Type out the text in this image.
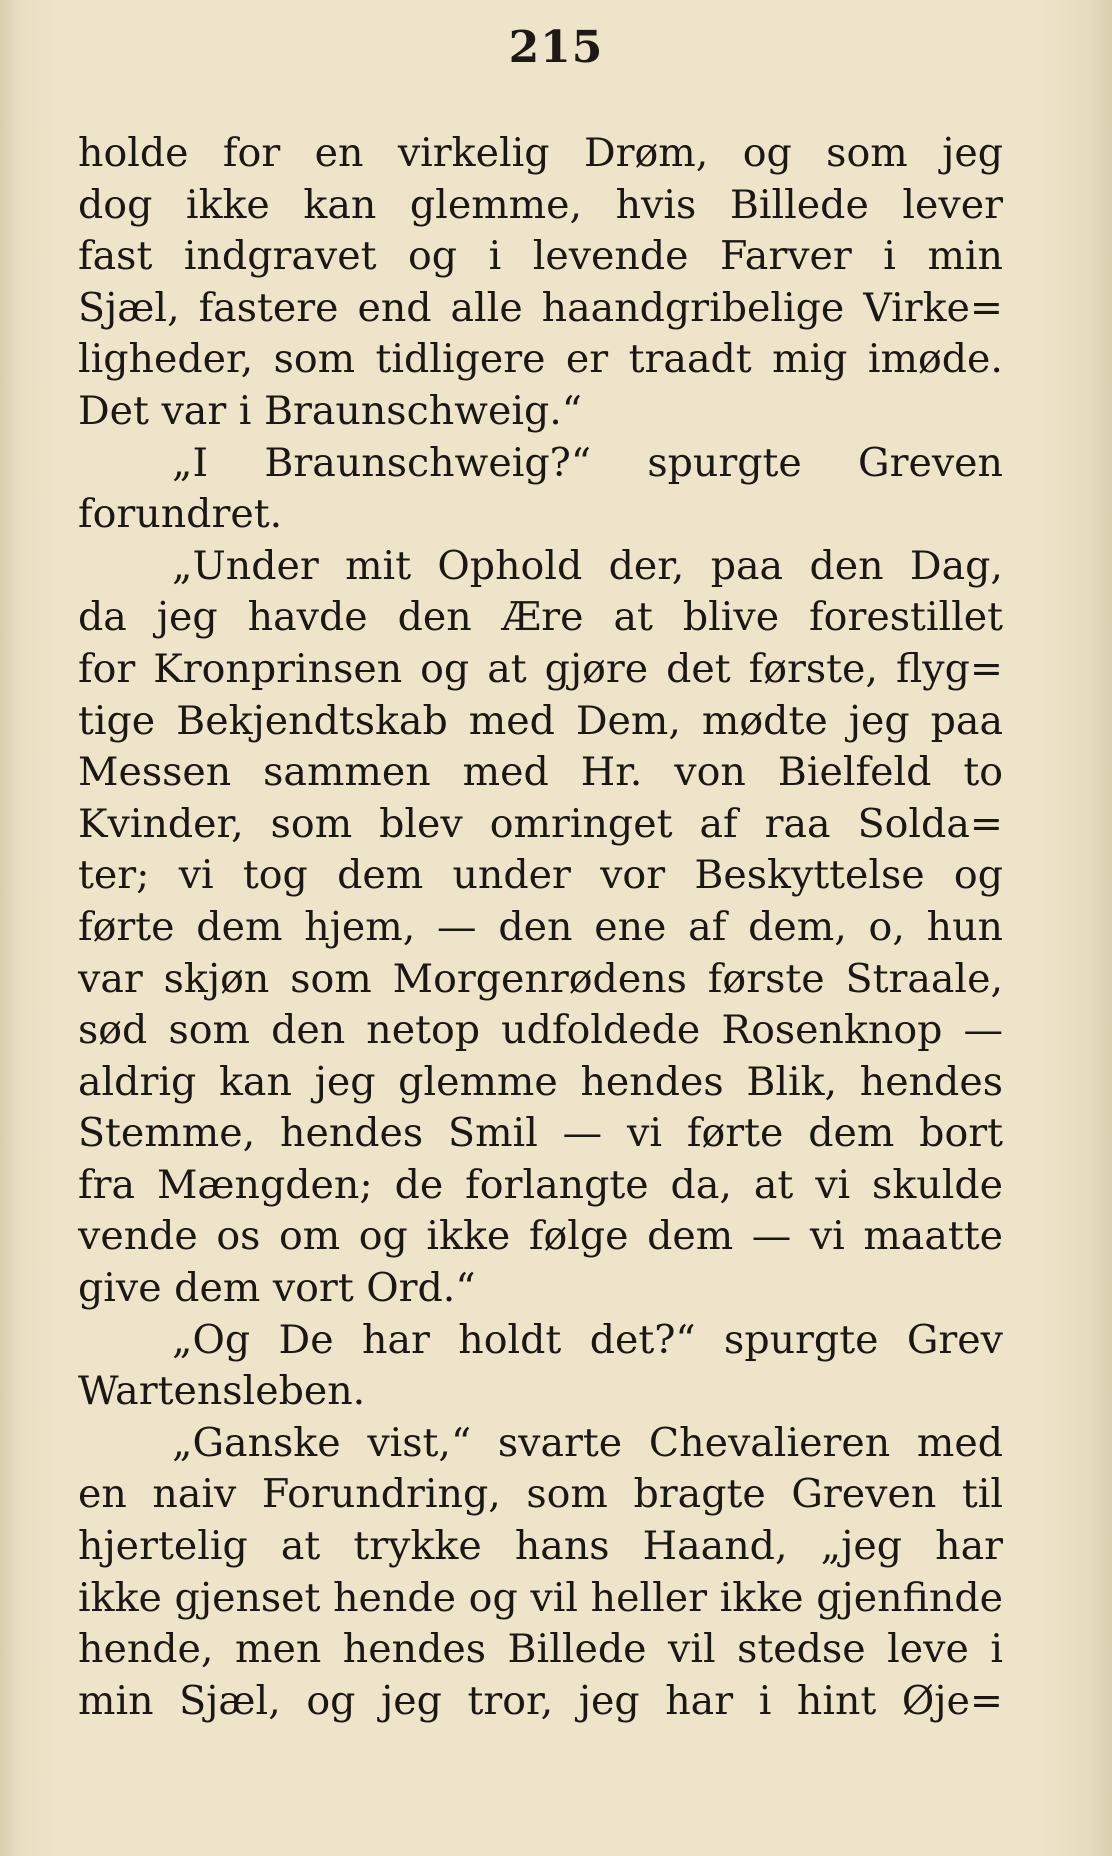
215
holde for en virkelig Drøm, og som jeg
dog ikke kan glemme, hvis Billede lever
fast indgravet og i levende Farver i min
Sjæl, fastere end alle haandgribelige Virke=
ligheder, som tidligere er traadt mig imøde.
Det var i Braunschweig.“
„I Braunschweig?“ spurgte Greven
forundret.
„Under mit Ophold der, paa den Dag,
da jeg havde den Ære at blive forestillet
for Kronprinsen og at gjøre det første, flyg=
tige Bekjendtskab med Dem, mødte jeg paa
Messen sammen med Hr. von Bielfeld to
Kvinder, som blev omringet af raa Solda=
ter; vi tog dem under vor Beskyttelse og
førte dem hjem, — den ene af dem, o, hun
var skjøn som Morgenrødens første Straale,
sød som den netop udfoldede Rosenknop —
aldrig kan jeg glemme hendes Blik, hendes
Stemme, hendes Smil — vi førte dem bort
fra Mængden; de forlangte da, at vi skulde
vende os om og ikke følge dem — vi maatte
give dem vort Ord.“
„Og De har holdt det?“ spurgte Grev
Wartensleben.
„Ganske vist,“ svarte Chevalieren med
en naiv Forundring, som bragte Greven til
hjertelig at trykke hans Haand, „jeg har
ikke gjenset hende og vil heller ikke gjenfinde
hende, men hendes Billede vil stedse leve i
min Sjæl, og jeg tror, jeg har i hint Øje=
